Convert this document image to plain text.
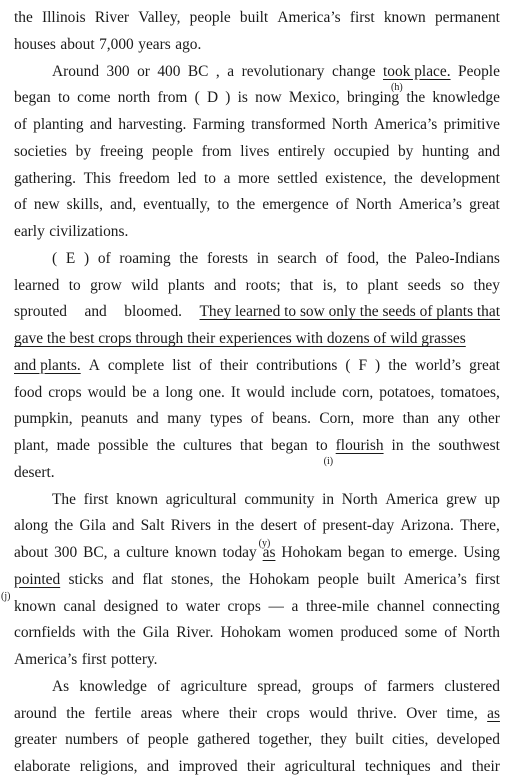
the Illinois River Valley, people built America’s first known permanent
houses about 7,000 years ago.
Around 300 or 400 BC , a revolutionary change took place. People
began to come north from ( D ) is now Mexico, bringing the knowledge
of planting and harvesting. Farming transformed North America’s primitive
societies by freeing people from lives entirely occupied by hunting and
gathering. This freedom led to a more settled existence, the development
of new skills, and, eventually, to the emergence of North America’s great
early civilizations.
( E ) of roaming the forests in search of food, the Paleo-Indians
learned to grow wild plants and roots; that is, to plant seeds so they
sprouted and bloomed. They learned to sow only the seeds of plants that
gave the best crops through their experiences with dozens of wild grasses
and plants. A complete list of their contributions ( F ) the world’s great
food crops would be a long one. It would include corn, potatoes, tomatoes,
pumpkin, peanuts and many types of beans. Corn, more than any other
plant, made possible the cultures that began to flourish in the southwest
desert.
The first known agricultural community in North America grew up
along the Gila and Salt Rivers in the desert of present-day Arizona. There,
about 300 BC, a culture known today as Hohokam began to emerge. Using
pointed sticks and flat stones, the Hohokam people built America’s first
known canal designed to water crops — a three-mile channel connecting
cornfields with the Gila River. Hohokam women produced some of North
America’s first pottery.
As knowledge of agriculture spread, groups of farmers clustered
around the fertile areas where their crops would thrive. Over time, as
greater numbers of people gathered together, they built cities, developed
elaborate religions, and improved their agricultural techniques and their
(h)
(i)
(j)
(y)
